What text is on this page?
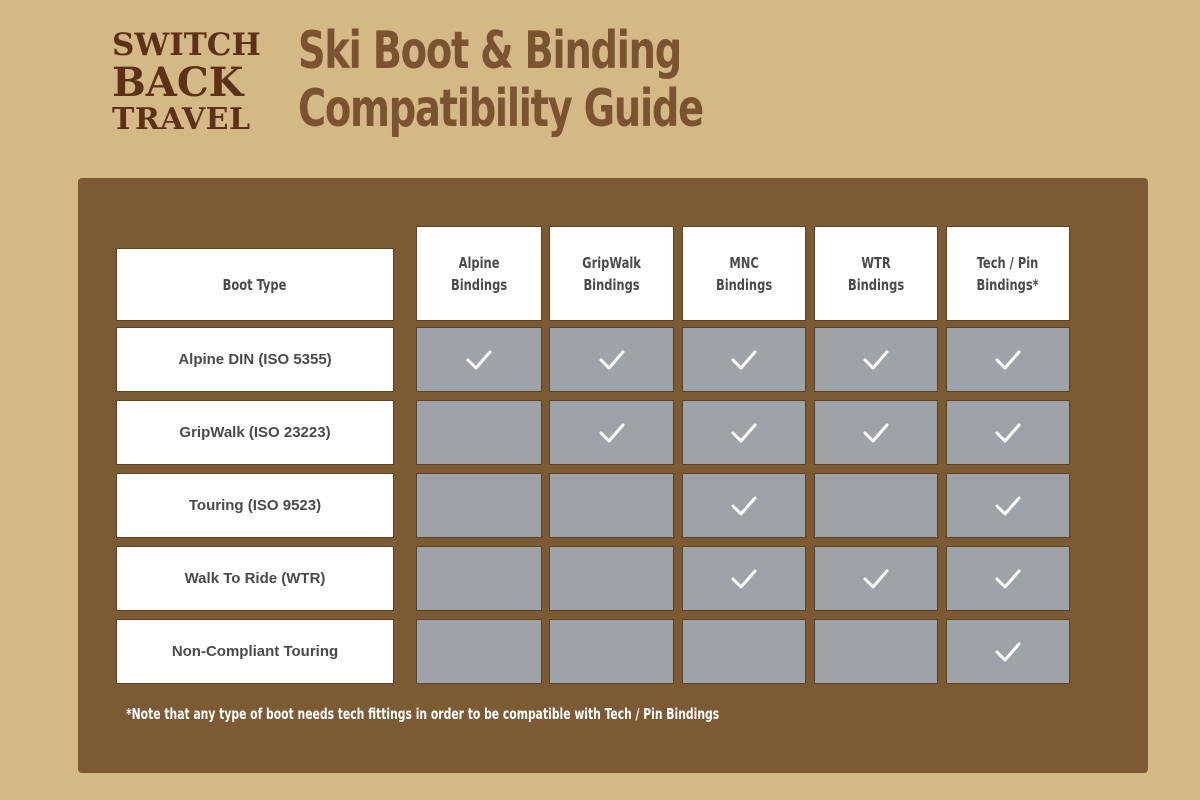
SWITCH
BACK
TRAVEL
Ski Boot & Binding
Compatibility Guide
Boot Type
Alpine
Bindings
GripWalk
Bindings
MNC
Bindings
WTR
Bindings
Tech / Pin
Bindings*
Alpine DIN (ISO 5355)
GripWalk (ISO 23223)
Touring (ISO 9523)
Walk To Ride (WTR)
Non-Compliant Touring
*Note that any type of boot needs tech fittings in order to be compatible with Tech / Pin Bindings
